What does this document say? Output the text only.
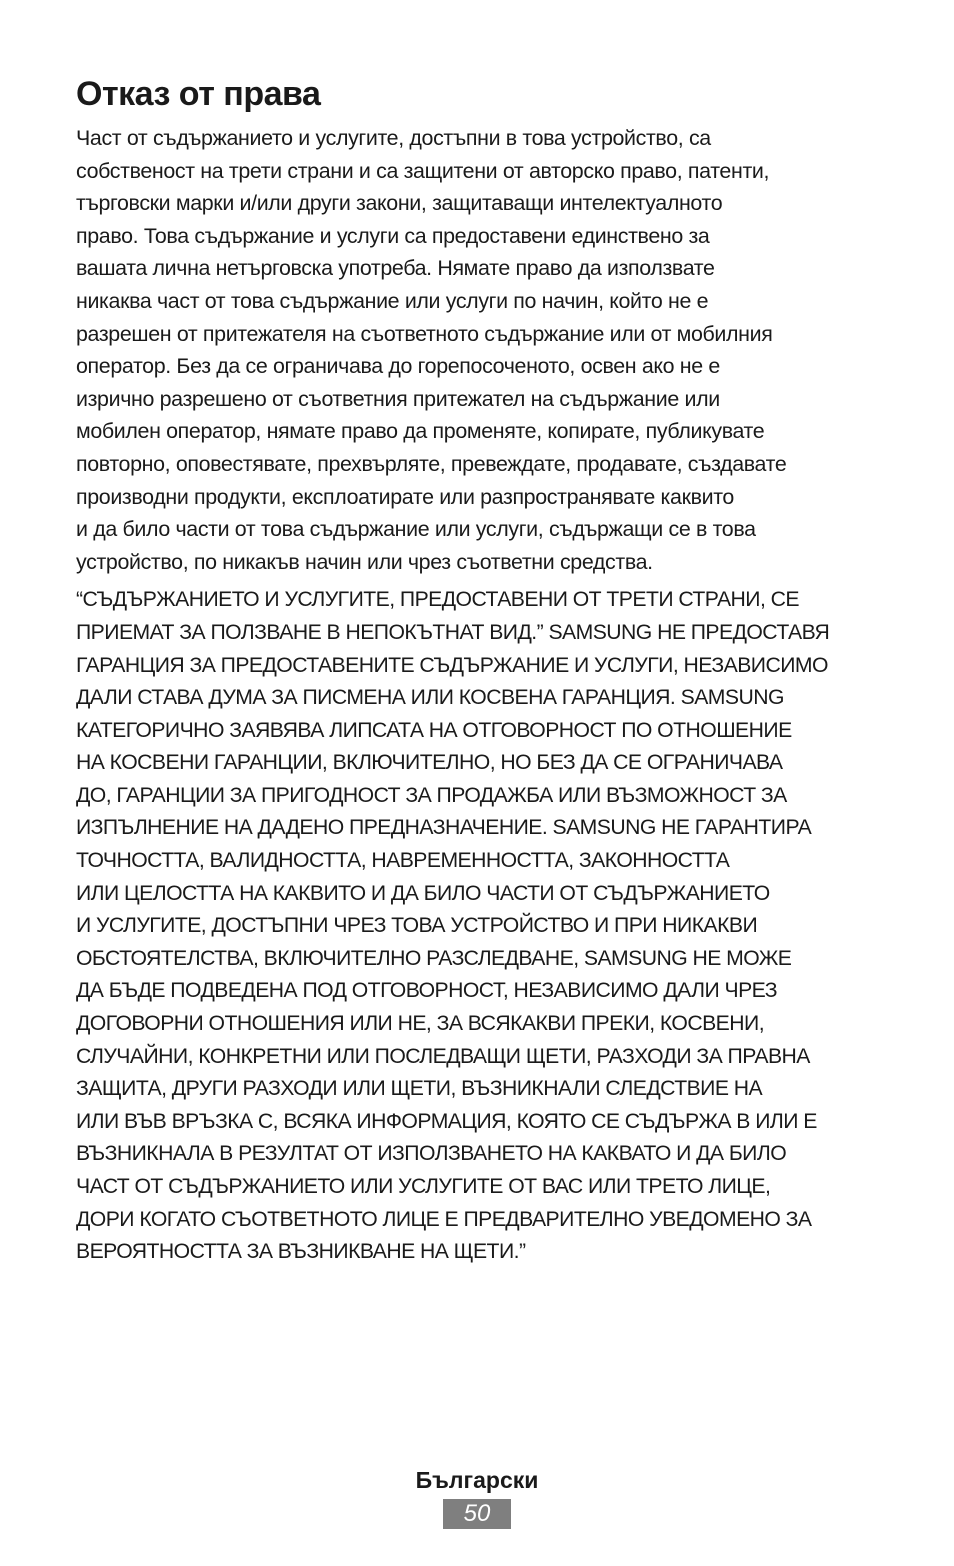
Отказ от права

Част от съдържанието и услугите, достъпни в това устройство, са
собственост на трети страни и са защитени от авторско право, патенти,
търговски марки и/или други закони, защитаващи интелектуалното
право. Това съдържание и услуги са предоставени единствено за
вашата лична нетърговска употреба. Нямате право да използвате
никаква част от това съдържание или услуги по начин, който не е
разрешен от притежателя на съответното съдържание или от мобилния
оператор. Без да се ограничава до горепосоченото, освен ако не е
изрично разрешено от съответния притежател на съдържание или
мобилен оператор, нямате право да променяте, копирате, публикувате
повторно, оповестявате, прехвърляте, превеждате, продавате, създавате
производни продукти, експлоатирате или разпространявате каквито
и да било части от това съдържание или услуги, съдържащи се в това
устройство, по никакъв начин или чрез съответни средства.

“СЪДЪРЖАНИЕТО И УСЛУГИТЕ, ПРЕДОСТАВЕНИ ОТ ТРЕТИ СТРАНИ, СЕ
ПРИЕМАТ ЗА ПОЛЗВАНЕ В НЕПОКЪТНАТ ВИД.” SAMSUNG НЕ ПРЕДОСТАВЯ
ГАРАНЦИЯ ЗА ПРЕДОСТАВЕНИТЕ СЪДЪРЖАНИЕ И УСЛУГИ, НЕЗАВИСИМО
ДАЛИ СТАВА ДУМА ЗА ПИСМЕНА ИЛИ КОСВЕНА ГАРАНЦИЯ. SAMSUNG
КАТЕГОРИЧНО ЗАЯВЯВА ЛИПСАТА НА ОТГОВОРНОСТ ПО ОТНОШЕНИЕ
НА КОСВЕНИ ГАРАНЦИИ, ВКЛЮЧИТЕЛНО, НО БЕЗ ДА СЕ ОГРАНИЧАВА
ДО, ГАРАНЦИИ ЗА ПРИГОДНОСТ ЗА ПРОДАЖБА ИЛИ ВЪЗМОЖНОСТ ЗА
ИЗПЪЛНЕНИЕ НА ДАДЕНО ПРЕДНАЗНАЧЕНИЕ. SAMSUNG НЕ ГАРАНТИРА
ТОЧНОСТТА, ВАЛИДНОСТТА, НАВРЕМЕННОСТТА, ЗАКОННОСТТА
ИЛИ ЦЕЛОСТТА НА КАКВИТО И ДА БИЛО ЧАСТИ ОТ СЪДЪРЖАНИЕТО
И УСЛУГИТЕ, ДОСТЪПНИ ЧРЕЗ ТОВА УСТРОЙСТВО И ПРИ НИКАКВИ
ОБСТОЯТЕЛСТВА, ВКЛЮЧИТЕЛНО РАЗСЛЕДВАНЕ, SAMSUNG НЕ МОЖЕ
ДА БЪДЕ ПОДВЕДЕНА ПОД ОТГОВОРНОСТ, НЕЗАВИСИМО ДАЛИ ЧРЕЗ
ДОГОВОРНИ ОТНОШЕНИЯ ИЛИ НЕ, ЗА ВСЯКАКВИ ПРЕКИ, КОСВЕНИ,
СЛУЧАЙНИ, КОНКРЕТНИ ИЛИ ПОСЛЕДВАЩИ ЩЕТИ, РАЗХОДИ ЗА ПРАВНА
ЗАЩИТА, ДРУГИ РАЗХОДИ ИЛИ ЩЕТИ, ВЪЗНИКНАЛИ СЛЕДСТВИЕ НА
ИЛИ ВЪВ ВРЪЗКА С, ВСЯКА ИНФОРМАЦИЯ, КОЯТО СЕ СЪДЪРЖА В ИЛИ Е
ВЪЗНИКНАЛА В РЕЗУЛТАТ ОТ ИЗПОЛЗВАНЕТО НА КАКВАТО И ДА БИЛО
ЧАСТ ОТ СЪДЪРЖАНИЕТО ИЛИ УСЛУГИТЕ ОТ ВАС ИЛИ ТРЕТО ЛИЦЕ,
ДОРИ КОГАТО СЪОТВЕТНОТО ЛИЦЕ Е ПРЕДВАРИТЕЛНО УВЕДОМЕНО ЗА
ВЕРОЯТНОСТТА ЗА ВЪЗНИКВАНЕ НА ЩЕТИ.”

Български
50
